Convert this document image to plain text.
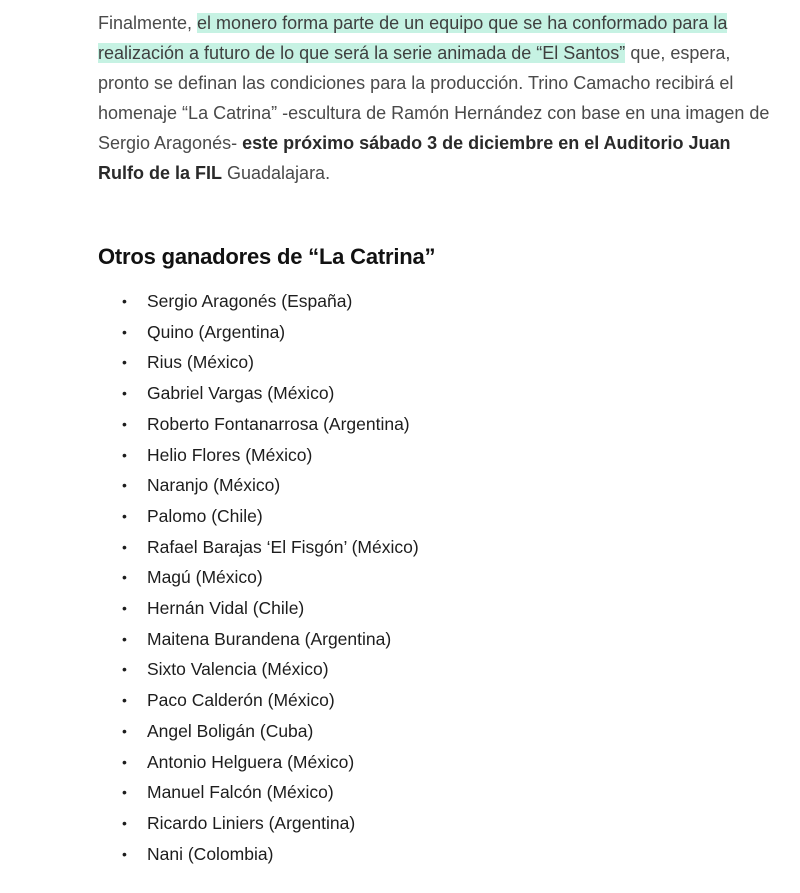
Finalmente, el monero forma parte de un equipo que se ha conformado para la realización a futuro de lo que será la serie animada de “El Santos” que, espera, pronto se definan las condiciones para la producción. Trino Camacho recibirá el homenaje “La Catrina” -escultura de Ramón Hernández con base en una imagen de Sergio Aragonés- este próximo sábado 3 de diciembre en el Auditorio Juan Rulfo de la FIL Guadalajara.

Otros ganadores de “La Catrina”
• Sergio Aragonés (España)
• Quino (Argentina)
• Rius (México)
• Gabriel Vargas (México)
• Roberto Fontanarrosa (Argentina)
• Helio Flores (México)
• Naranjo (México)
• Palomo (Chile)
• Rafael Barajas ‘El Fisgón’ (México)
• Magú (México)
• Hernán Vidal (Chile)
• Maitena Burandena (Argentina)
• Sixto Valencia (México)
• Paco Calderón (México)
• Angel Boligán (Cuba)
• Antonio Helguera (México)
• Manuel Falcón (México)
• Ricardo Liniers (Argentina)
• Nani (Colombia)
